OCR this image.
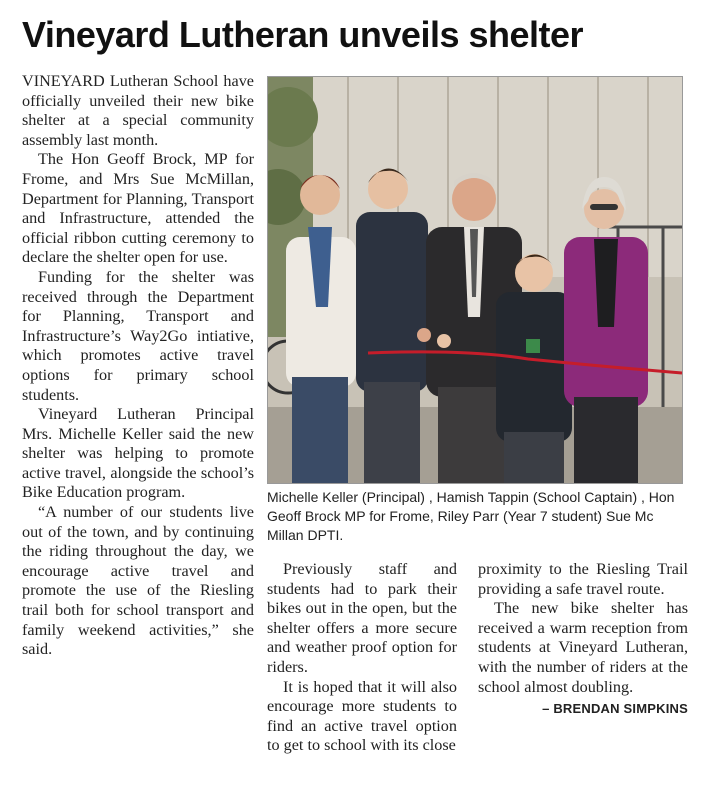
Vineyard Lutheran unveils shelter

VINEYARD Lutheran School have officially unveiled their new bike shelter at a special community assembly last month.

The Hon Geoff Brock, MP for Frome, and Mrs Sue McMillan, Department for Planning, Transport and Infrastructure, attended the official ribbon cutting ceremony to declare the shelter open for use.

Funding for the shelter was received through the Department for Planning, Transport and Infrastructure’s Way2Go intiative, which promotes active travel options for primary school students.

Vineyard Lutheran Principal Mrs. Michelle Keller said the new shelter was helping to promote active travel, alongside the school’s Bike Education program.

“A number of our students live out of the town, and by continuing the riding throughout the day, we encourage active travel and promote the use of the Riesling trail both for school transport and family weekend activities,” she said.

Michelle Keller (Principal) , Hamish Tappin (School Captain) , Hon Geoff Brock MP for Frome, Riley Parr (Year 7 student) Sue Mc Millan DPTI.

Previously staff and students had to park their bikes out in the open, but the shelter offers a more secure and weather proof option for riders.

It is hoped that it will also encourage more students to find an active travel option to get to school with its close

proximity to the Riesling Trail providing a safe travel route.

The new bike shelter has received a warm reception from students at Vineyard Lutheran, with the number of riders at the school almost doubling.

– BRENDAN SIMPKINS
